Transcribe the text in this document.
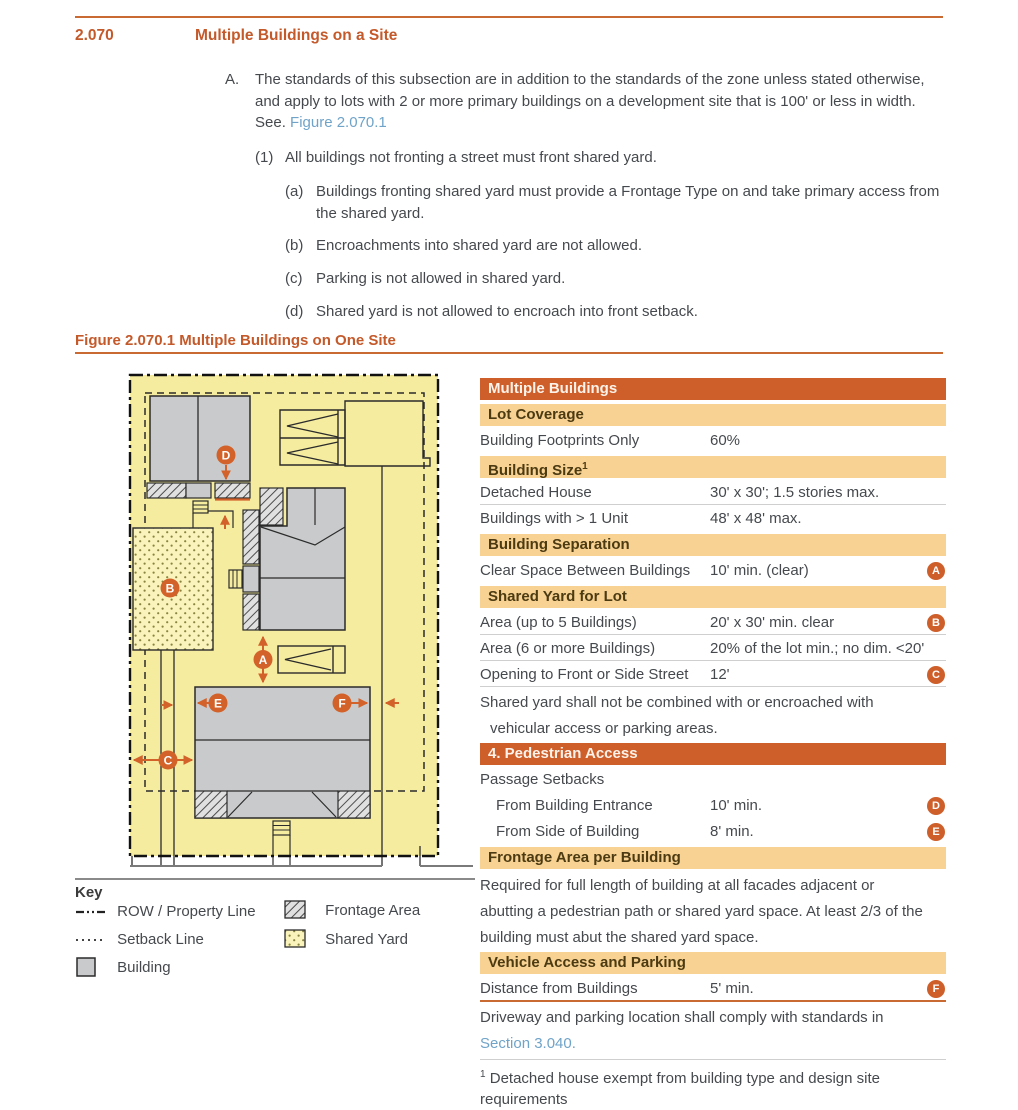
2.070	Multiple Buildings on a Site
A. The standards of this subsection are in addition to the standards of the zone unless stated otherwise, and apply to lots with 2 or more primary buildings on a development site that is 100' or less in width. See. Figure 2.070.1
(1) All buildings not fronting a street must front shared yard.
(a) Buildings fronting shared yard must provide a Frontage Type on and take primary access from the shared yard.
(b) Encroachments into shared yard are not allowed.
(c) Parking is not allowed in shared yard.
(d) Shared yard is not allowed to encroach into front setback.
Figure 2.070.1 Multiple Buildings on One Site
D
B
A
E	F
C
Key
ROW / Property Line
Setback Line
Building
Frontage Area
Shared Yard
Multiple Buildings
Lot Coverage
Building Footprints Only	60%
Building Size$^1$
Detached House	30' x 30'; 1.5 stories max.
Buildings with > 1 Unit	48' x 48' max.
Building Separation
Clear Space Between Buildings 10' min. (clear)	A
Shared Yard for Lot
Area (up to 5 Buildings)	20' x 30' min. clear	B
Area (6 or more Buildings)	20% of the lot min.; no dim. <20'
Opening to Front or Side Street 12'	C
Shared yard shall not be combined with or encroached with
vehicular access or parking areas.
4. Pedestrian Access
Passage Setbacks
From Building Entrance	10' min.	D
From Side of Building	8' min.	E
Frontage Area per Building
Required for full length of building at all facades adjacent or
abutting a pedestrian path or shared yard space. At least 2/3 of the
building must abut the shared yard space.
Vehicle Access and Parking
Distance from Buildings	5' min.	F
Driveway and parking location shall comply with standards in
Section 3.040.
$^1$ Detached house exempt from building type and design site requirements
